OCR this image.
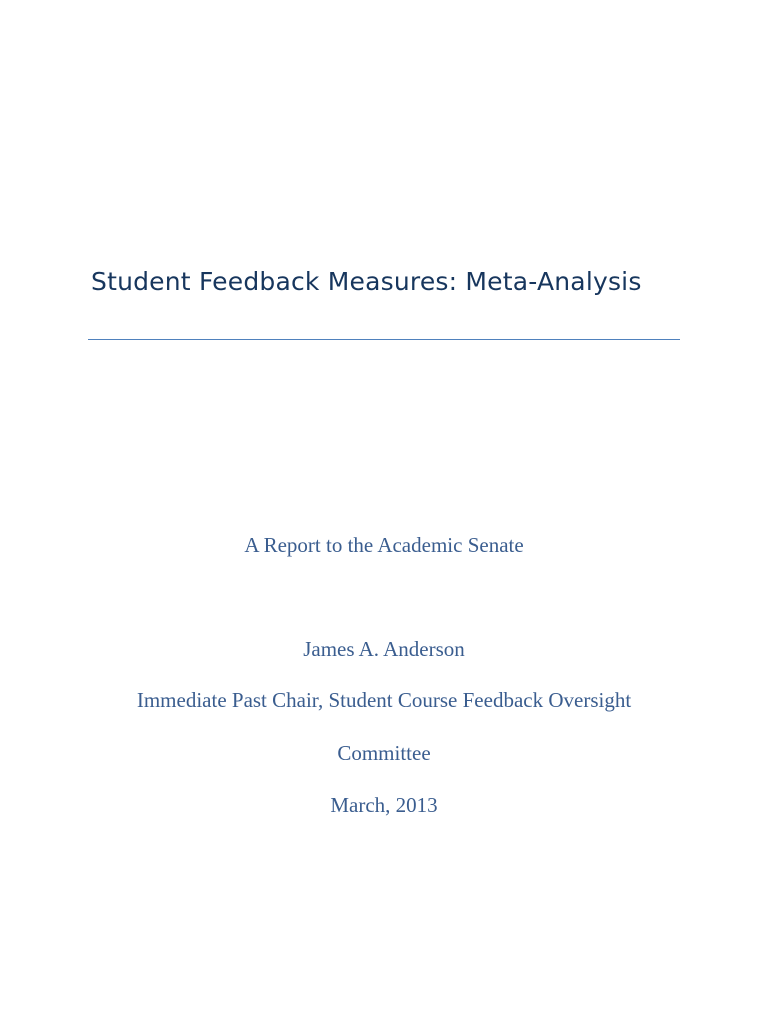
Student Feedback Measures: Meta-Analysis
A Report to the Academic Senate
James A. Anderson
Immediate Past Chair, Student Course Feedback Oversight
Committee
March, 2013
